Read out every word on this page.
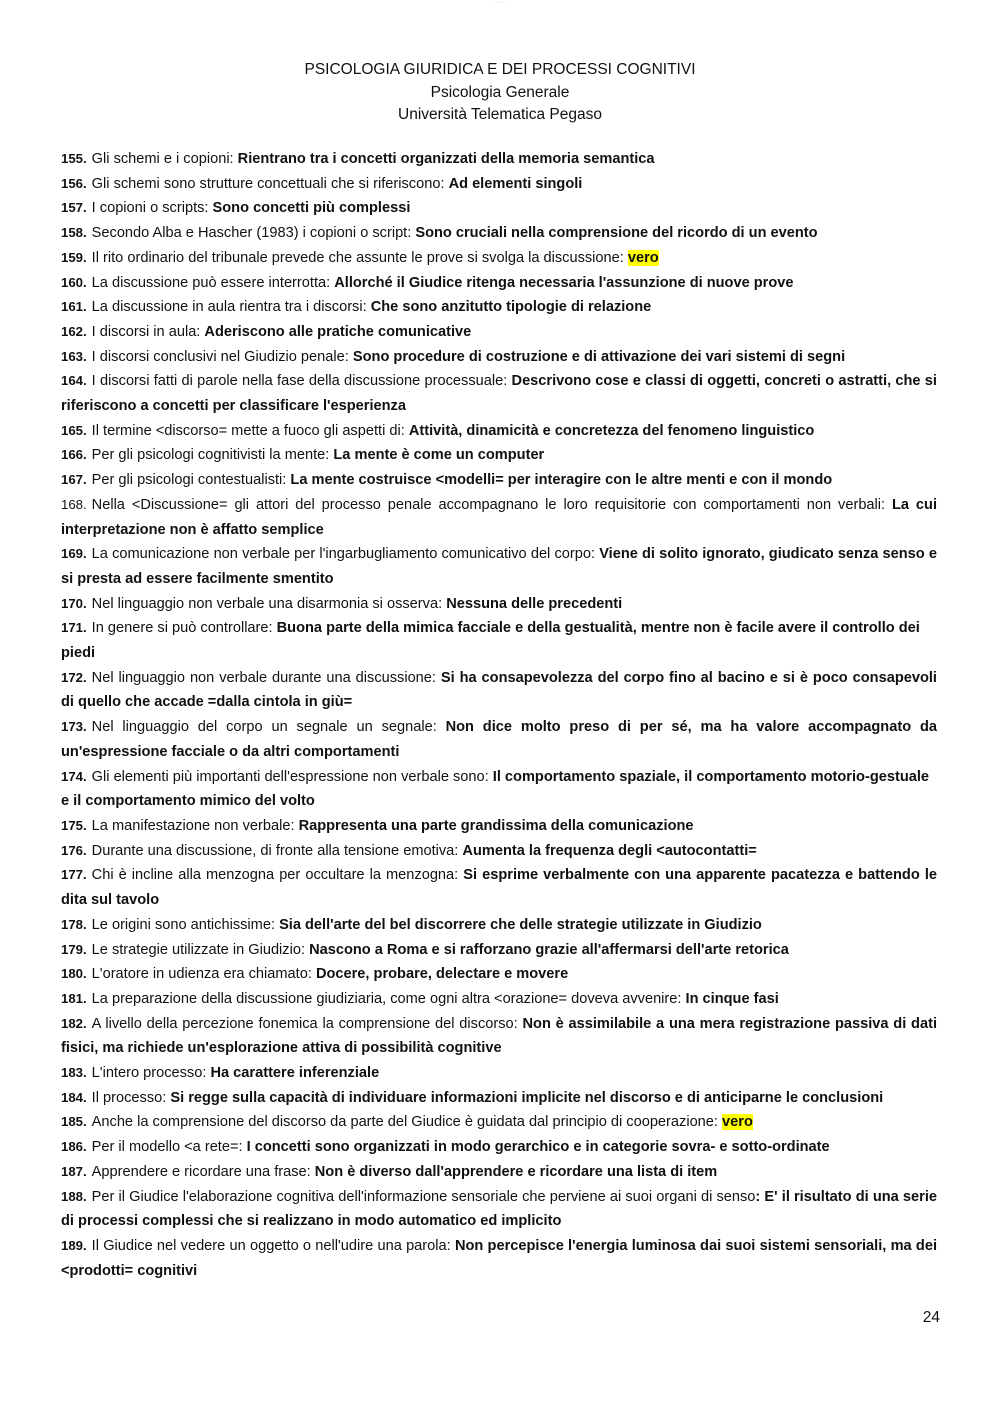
··· ·····
PSICOLOGIA GIURIDICA E DEI PROCESSI COGNITIVI
Psicologia Generale
Università Telematica Pegaso

155. Gli schemi e i copioni: Rientrano tra i concetti organizzati della memoria semantica

156. Gli schemi sono strutture concettuali che si riferiscono: Ad elementi singoli

157. I copioni o scripts: Sono concetti più complessi

158. Secondo Alba e Hascher (1983) i copioni o script: Sono cruciali nella comprensione del ricordo di un evento

159. Il rito ordinario del tribunale prevede che assunte le prove si svolga la discussione: vero

160. La discussione può essere interrotta: Allorché il Giudice ritenga necessaria l'assunzione di nuove prove

161. La discussione in aula rientra tra i discorsi: Che sono anzitutto tipologie di relazione

162. I discorsi in aula: Aderiscono alle pratiche comunicative

163. I discorsi conclusivi nel Giudizio penale: Sono procedure di costruzione e di attivazione dei vari sistemi di segni

164. I discorsi fatti di parole nella fase della discussione processuale: Descrivono cose e classi di oggetti, concreti o astratti, che si riferiscono a concetti per classificare l'esperienza

165. Il termine <discorso= mette a fuoco gli aspetti di: Attività, dinamicità e concretezza del fenomeno linguistico

166. Per gli psicologi cognitivisti la mente: La mente è come un computer

167. Per gli psicologi contestualisti: La mente costruisce <modelli= per interagire con le altre menti e con il mondo

168. Nella <Discussione= gli attori del processo penale accompagnano le loro requisitorie con comportamenti non verbali: La cui interpretazione non è affatto semplice

169. La comunicazione non verbale per l'ingarbugliamento comunicativo del corpo: Viene di solito ignorato, giudicato senza senso e si presta ad essere facilmente smentito

170. Nel linguaggio non verbale una disarmonia si osserva: Nessuna delle precedenti

171. In genere si può controllare: Buona parte della mimica facciale e della gestualità, mentre non è facile avere il controllo dei piedi

172. Nel linguaggio non verbale durante una discussione: Si ha consapevolezza del corpo fino al bacino e si è poco consapevoli di quello che accade =dalla cintola in giù=

173. Nel linguaggio del corpo un segnale un segnale: Non dice molto preso di per sé, ma ha valore accompagnato da un'espressione facciale o da altri comportamenti

174. Gli elementi più importanti dell'espressione non verbale sono: Il comportamento spaziale, il comportamento motorio-gestuale e il comportamento mimico del volto

175. La manifestazione non verbale: Rappresenta una parte grandissima della comunicazione

176. Durante una discussione, di fronte alla tensione emotiva: Aumenta la frequenza degli <autocontatti=

177. Chi è incline alla menzogna per occultare la menzogna: Si esprime verbalmente con una apparente pacatezza e battendo le dita sul tavolo

178. Le origini sono antichissime: Sia dell'arte del bel discorrere che delle strategie utilizzate in Giudizio

179. Le strategie utilizzate in Giudizio: Nascono a Roma e si rafforzano grazie all'affermarsi dell'arte retorica

180. L'oratore in udienza era chiamato: Docere, probare, delectare e movere

181. La preparazione della discussione giudiziaria, come ogni altra <orazione= doveva avvenire: In cinque fasi

182. A livello della percezione fonemica la comprensione del discorso: Non è assimilabile a una mera registrazione passiva di dati fisici, ma richiede un'esplorazione attiva di possibilità cognitive

183. L'intero processo: Ha carattere inferenziale

184. Il processo: Si regge sulla capacità di individuare informazioni implicite nel discorso e di anticiparne le conclusioni

185. Anche la comprensione del discorso da parte del Giudice è guidata dal principio di cooperazione: vero

186. Per il modello <a rete=: I concetti sono organizzati in modo gerarchico e in categorie sovra- e sotto-ordinate

187. Apprendere e ricordare una frase: Non è diverso dall'apprendere e ricordare una lista di item

188. Per il Giudice l'elaborazione cognitiva dell'informazione sensoriale che perviene ai suoi organi di senso: E' il risultato di una serie di processi complessi che si realizzano in modo automatico ed implicito

189. Il Giudice nel vedere un oggetto o nell'udire una parola: Non percepisce l'energia luminosa dai suoi sistemi sensoriali, ma dei <prodotti= cognitivi

24
